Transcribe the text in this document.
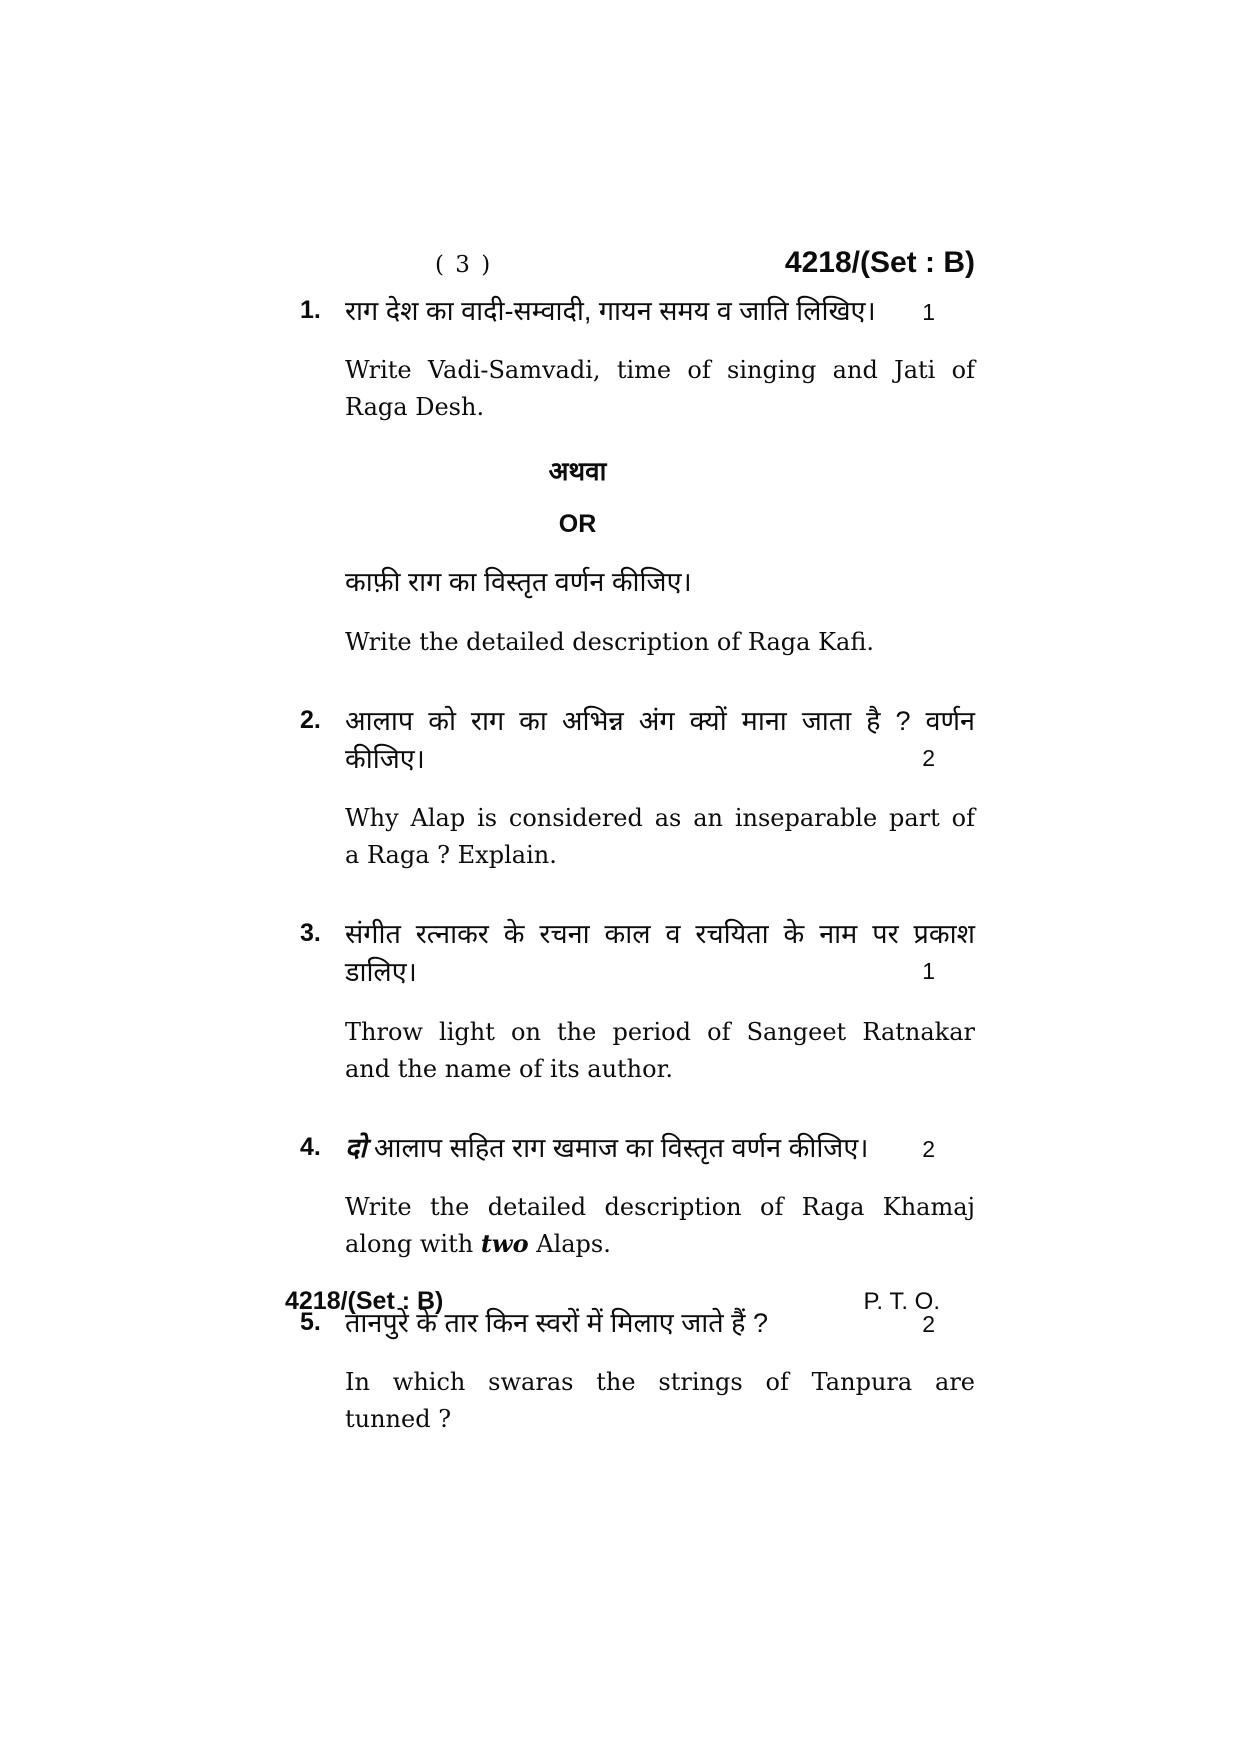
( 3 )	4218/(Set : B)
1. राग देश का वादी-सम्वादी, गायन समय व जाति लिखिए।	1
Write Vadi-Samvadi, time of singing and Jati of
Raga Desh.
अथवा
OR
काफ़ी राग का विस्तृत वर्णन कीजिए।
Write the detailed description of Raga Kafi.
2. आलाप को राग का अभिन्न अंग क्यों माना जाता है ? वर्णन
कीजिए।	2
Why Alap is considered as an inseparable part of
a Raga ? Explain.
3. संगीत रत्नाकर के रचना काल व रचयिता के नाम पर प्रकाश
डालिए।	1
Throw light on the period of Sangeet Ratnakar
and the name of its author.
4. दो आलाप सहित राग खमाज का विस्तृत वर्णन कीजिए।	2
Write the detailed description of Raga Khamaj
along with two Alaps.
5. तानपुरे के तार किन स्वरों में मिलाए जाते हैं ?	2
In which swaras the strings of Tanpura are
tunned ?
4218/(Set : B)	P. T. O.
